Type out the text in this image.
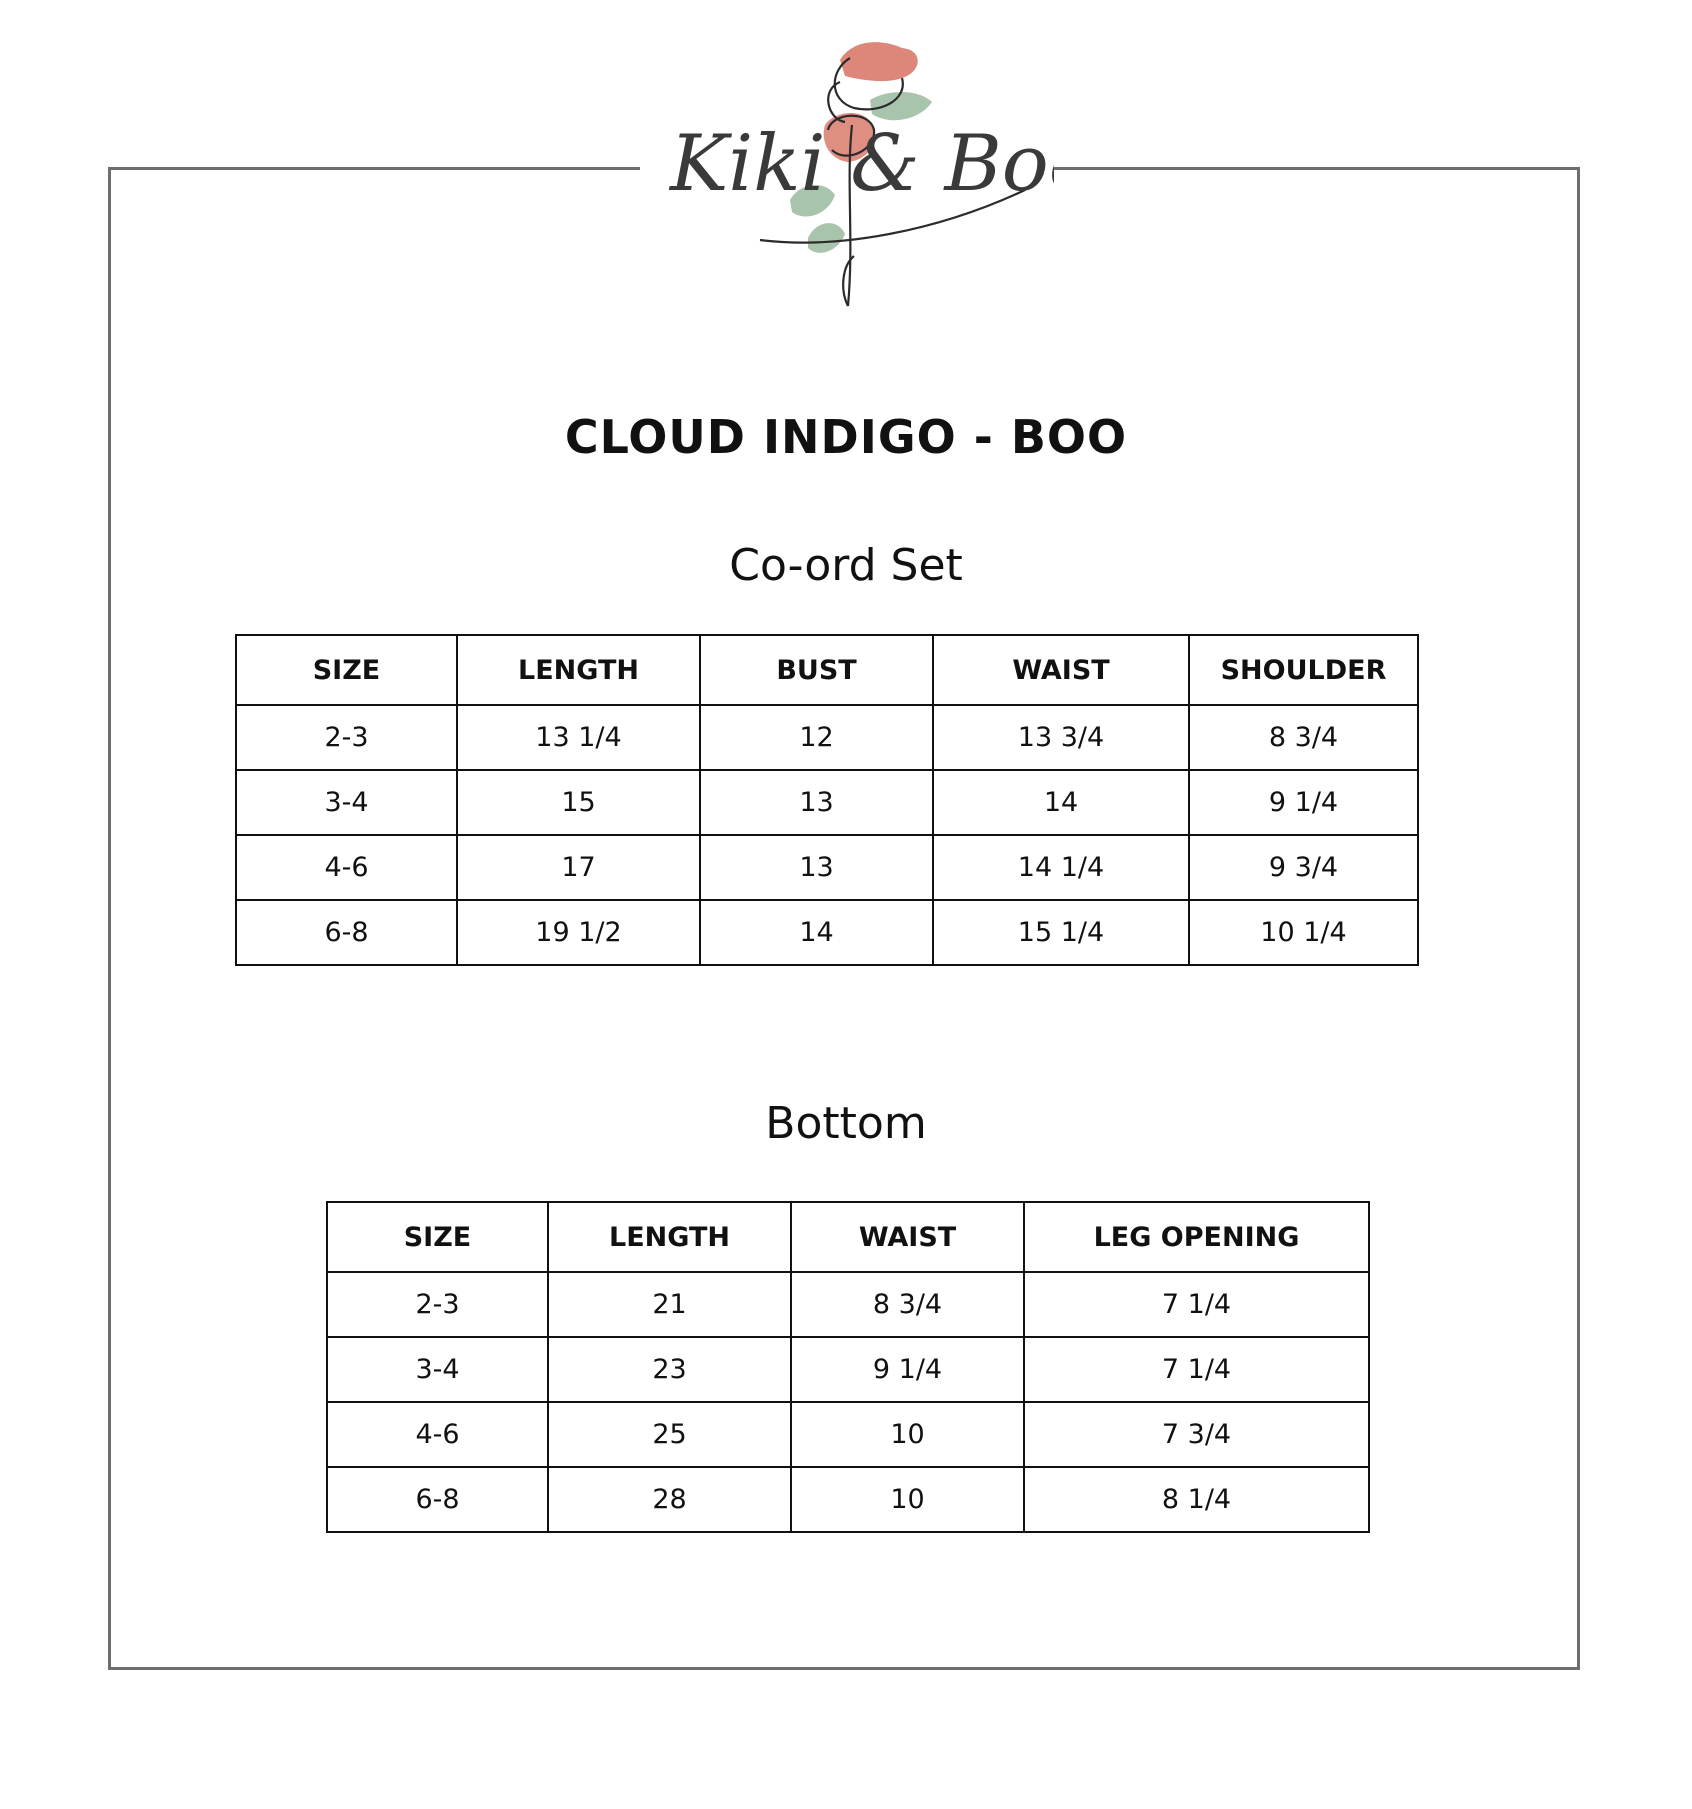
Kiki & Boo
CLOUD INDIGO - BOO
Co-ord Set
SIZE	LENGTH	BUST	WAIST	SHOULDER
2-3	13 1/4	12	13 3/4	8 3/4
3-4	15	13	14	9 1/4
4-6	17	13	14 1/4	9 3/4
6-8	19 1/2	14	15 1/4	10 1/4
Bottom
SIZE	LENGTH	WAIST	LEG OPENING
2-3	21	8 3/4	7 1/4
3-4	23	9 1/4	7 1/4
4-6	25	10	7 3/4
6-8	28	10	8 1/4
